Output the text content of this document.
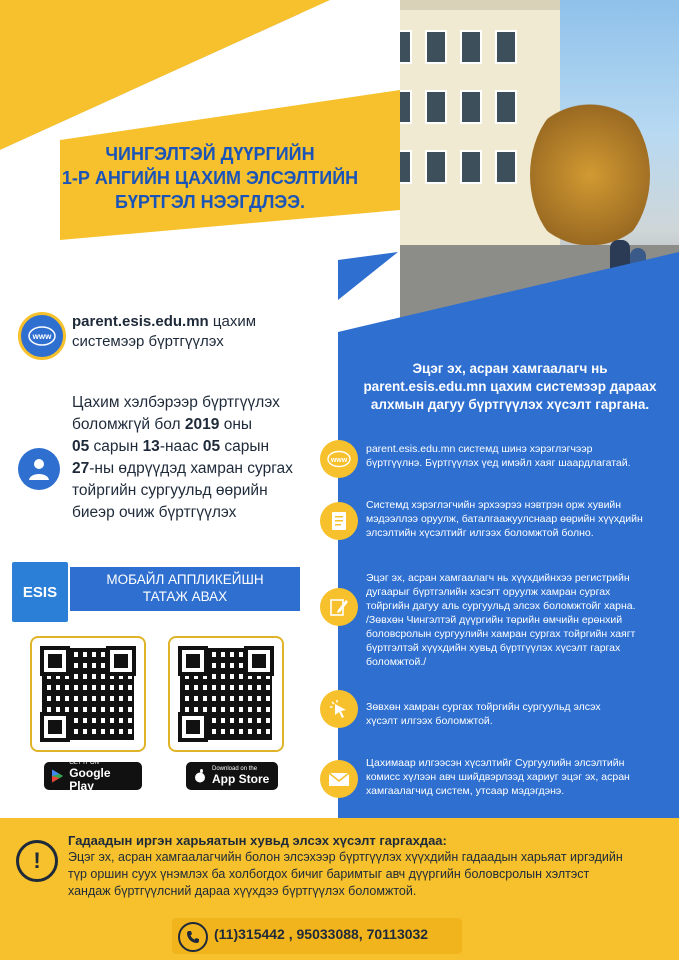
ЧИНГЭЛТЭЙ ДҮҮРГИЙН
1-Р АНГИЙН ЦАХИМ ЭЛСЭЛТИЙН
БҮРТГЭЛ НЭЭГДЛЭЭ.
www
parent.esis.edu.mn цахим
системээр бүртгүүлэх
Цахим хэлбэрээр бүртгүүлэх
боломжгүй бол 2019 оны
05 сарын 13-наас 05 сарын
27-ны өдрүүдэд хамран сургах
тойргийн сургуульд өөрийн
биеэр очиж бүртгүүлэх
МОБАЙЛ АППЛИКЕЙШН
ТАТАЖ АВАХ
ESIS
GET IT ON
Google Play
Download on the
App Store
Эцэг эх, асран хамгаалагч нь
parent.esis.edu.mn цахим системээр дараах
алхмын дагуу бүртгүүлэх хүсэлт гаргана.
www
parent.esis.edu.mn системд шинэ хэрэглэгчээр
бүртгүүлнэ. Бүртгүүлэх үед имэйл хаяг шаардлагатай.
Системд хэрэглэгчийн эрхээрээ нэвтрэн орж хувийн
мэдээллээ оруулж, баталгаажуулснаар өөрийн хүүхдийн
элсэлтийн хүсэлтийг илгээх боломжтой болно.
Эцэг эх, асран хамгаалагч нь хүүхдийнхээ регистрийн
дугаарыг бүртгэлийн хэсэгт оруулж хамран сургах
тойргийн дагуу аль сургуульд элсэх боломжтойг харна.
/Зөвхөн Чингэлтэй дүүргийн төрийн өмчийн ерөнхий
боловсролын сургуулийн хамран сургах тойргийн хаягт
бүртгэлтэй хүүхдийн хувьд бүртгүүлэх хүсэлт гаргах
боломжтой./
Зөвхөн хамран сургах тойргийн сургуульд элсэх
хүсэлт илгээх боломжтой.
Цахимаар илгээсэн хүсэлтийг Сургуулийн элсэлтийн
комисс хүлээн авч шийдвэрлээд хариуг эцэг эх, асран
хамгаалагчид систем, утсаар мэдэгдэнэ.
!
Гадаадын иргэн харьяатын хувьд элсэх хүсэлт гаргахдаа:
Эцэг эх, асран хамгаалагчийн болон элсэхээр бүртгүүлэх хүүхдийн гадаадын харьяат иргэдийн
түр оршин суух үнэмлэх ба холбогдох бичиг баримтыг авч дүүргийн боловсролын хэлтэст
хандаж бүртгүүлсний дараа хүүхдээ бүртгүүлэх боломжтой.
(11)315442 , 95033088, 70113032
